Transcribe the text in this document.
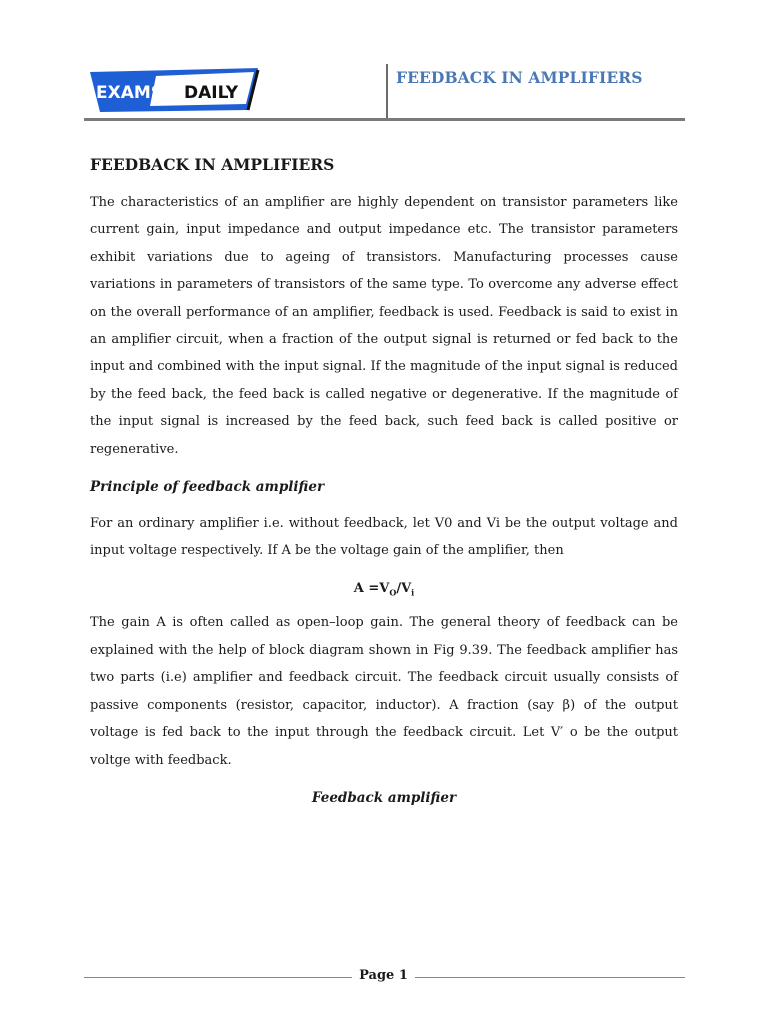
EXAMS DAILY
FEEDBACK IN AMPLIFIERS
FEEDBACK IN AMPLIFIERS

The characteristics of an amplifier are highly dependent on transistor parameters like current gain, input impedance and output impedance etc. The transistor parameters exhibit variations due to ageing of transistors. Manufacturing processes cause variations in parameters of transistors of the same type. To overcome any adverse effect on the overall performance of an amplifier, feedback is used. Feedback is said to exist in an amplifier circuit, when a fraction of the output signal is returned or fed back to the input and combined with the input signal. If the magnitude of the input signal is reduced by the feed back, the feed back is called negative or degenerative. If the magnitude of the input signal is increased by the feed back, such feed back is called positive or regenerative.

Principle of feedback amplifier

For an ordinary amplifier i.e. without feedback, let V0 and Vi be the output voltage and input voltage respectively. If A be the voltage gain of the amplifier, then

$A =V_O/V_i$

The gain A is often called as open–loop gain. The general theory of feedback can be explained with the help of block diagram shown in Fig 9.39. The feedback amplifier has two parts (i.e) amplifier and feedback circuit. The feedback circuit usually consists of passive components (resistor, capacitor, inductor). A fraction (say β) of the output voltage is fed back to the input through the feedback circuit. Let V′ o be the output voltge with feedback.

Feedback amplifier
Page 1
